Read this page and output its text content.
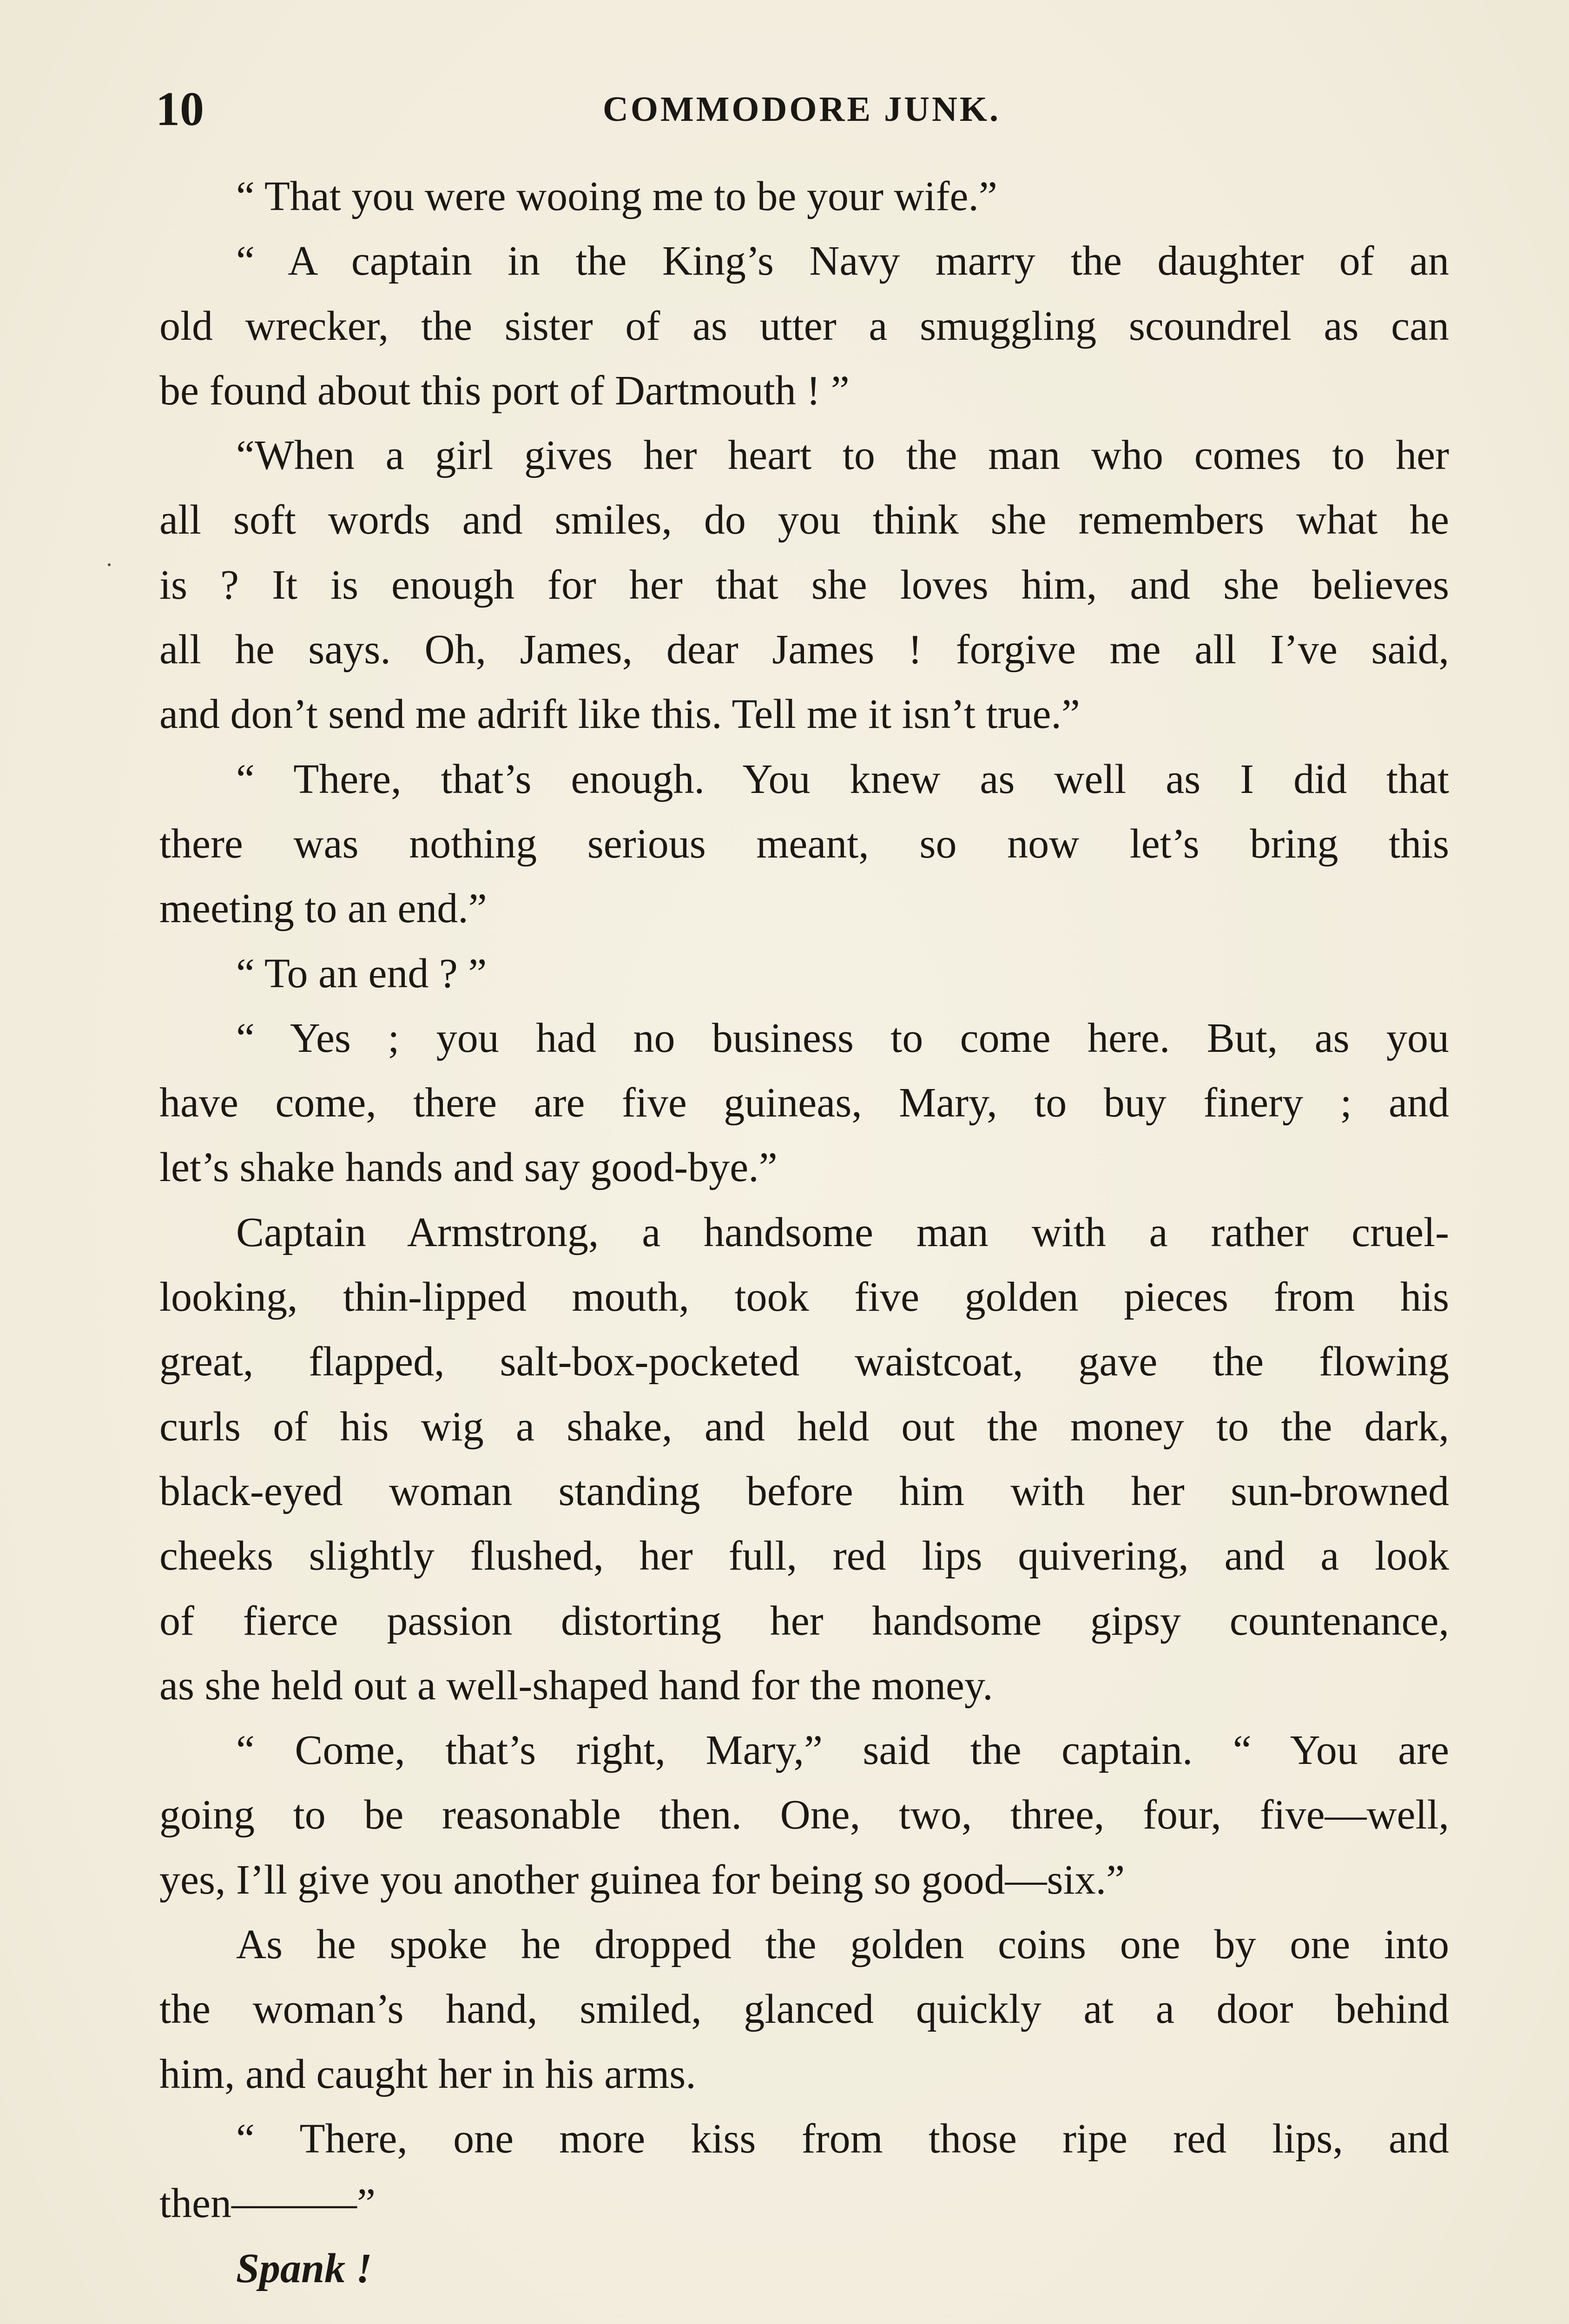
10	COMMODORE JUNK.
“ That you were wooing me to be your wife.”
“ A captain in the King’s Navy marry the daughter of an
old wrecker, the sister of as utter a smuggling scoundrel as can
be found about this port of Dartmouth ! ”
“When a girl gives her heart to the man who comes to her
all soft words and smiles, do you think she remembers what he
is ? It is enough for her that she loves him, and she believes
all he says. Oh, James, dear James ! forgive me all I’ve said,
and don’t send me adrift like this. Tell me it isn’t true.”
“ There, that’s enough. You knew as well as I did that
there was nothing serious meant, so now let’s bring this
meeting to an end.”
“ To an end ? ”
“ Yes ; you had no business to come here. But, as you
have come, there are five guineas, Mary, to buy finery ; and
let’s shake hands and say good-bye.”
Captain Armstrong, a handsome man with a rather cruel-
looking, thin-lipped mouth, took five golden pieces from his
great, flapped, salt-box-pocketed waistcoat, gave the flowing
curls of his wig a shake, and held out the money to the dark,
black-eyed woman standing before him with her sun-browned
cheeks slightly flushed, her full, red lips quivering, and a look
of fierce passion distorting her handsome gipsy countenance,
as she held out a well-shaped hand for the money.
“ Come, that’s right, Mary,” said the captain. “ You are
going to be reasonable then. One, two, three, four, five—well,
yes, I’ll give you another guinea for being so good—six.”
As he spoke he dropped the golden coins one by one into
the woman’s hand, smiled, glanced quickly at a door behind
him, and caught her in his arms.
“ There, one more kiss from those ripe red lips, and
then———”
Spank !
